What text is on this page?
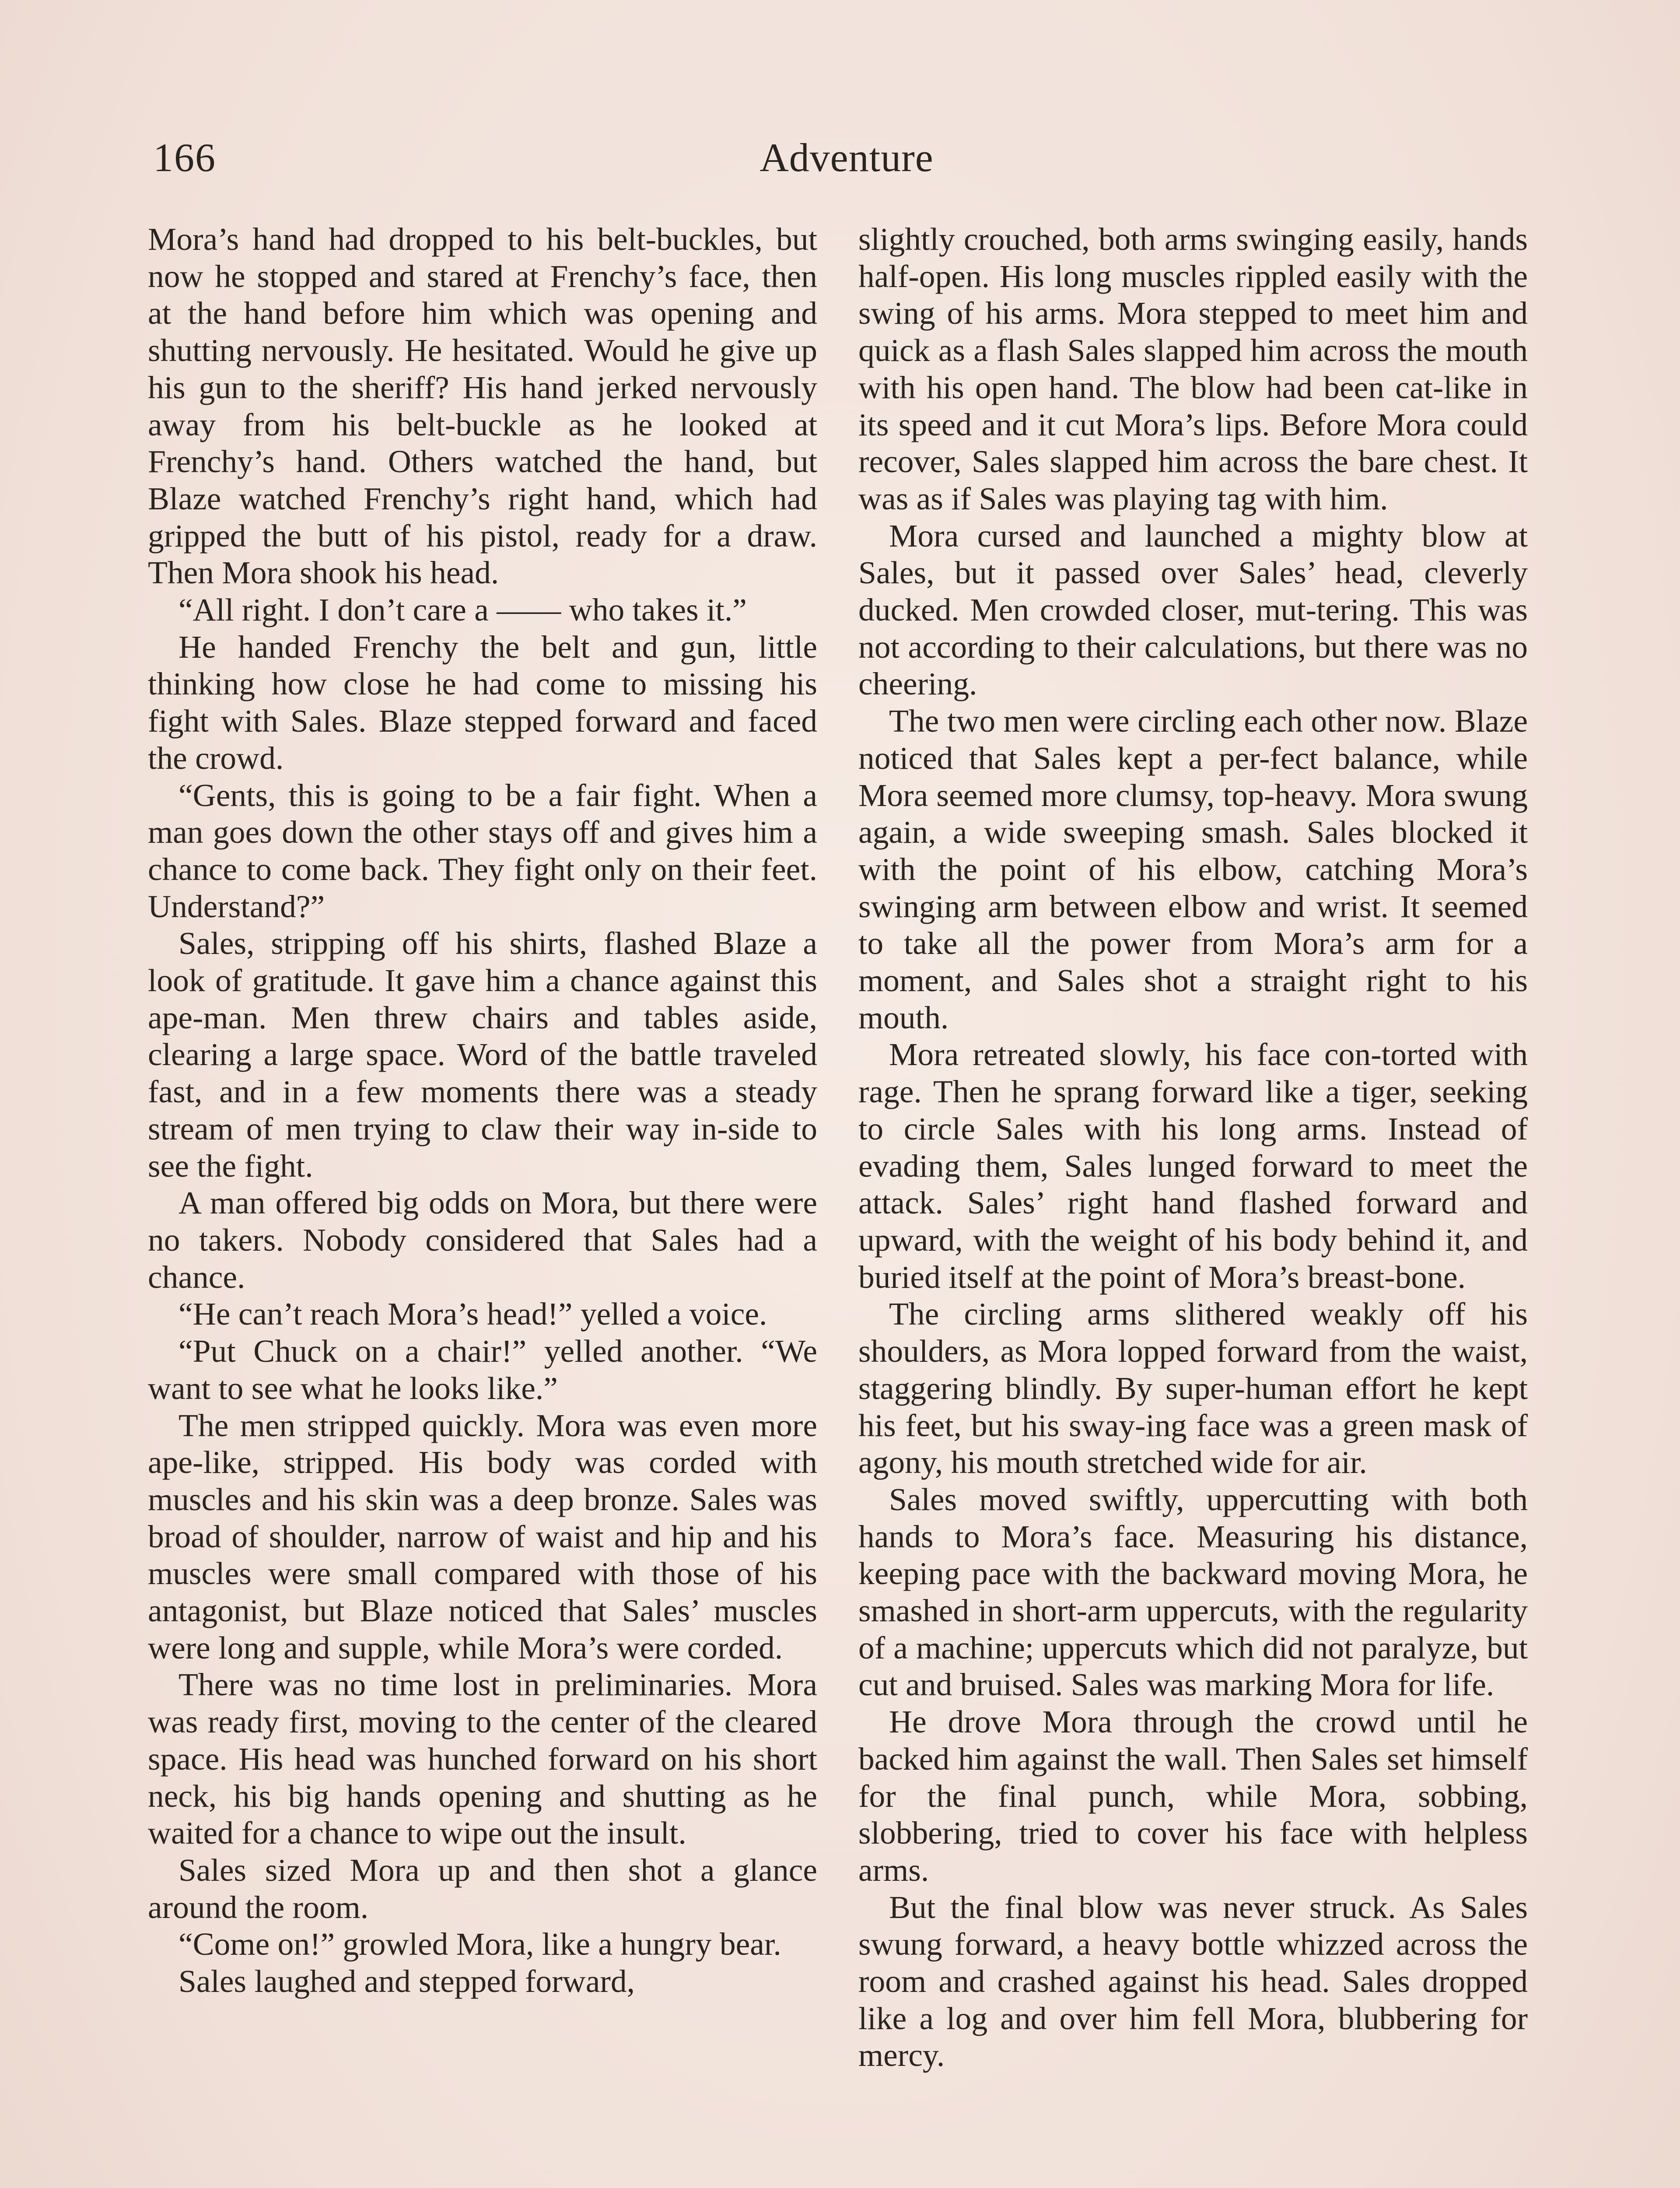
Adventure
166

Mora’s hand had dropped to his belt-buckles, but now he stopped and stared at Frenchy’s face, then at the hand before him which was opening and shutting nervously. He hesitated. Would he give up his gun to the sheriff? His hand jerked nervously away from his belt-buckle as he looked at Frenchy’s hand. Others watched the hand, but Blaze watched Frenchy’s right hand, which had gripped the butt of his pistol, ready for a draw. Then Mora shook his head.

“All right. I don’t care a —— who takes it.”

He handed Frenchy the belt and gun, little thinking how close he had come to missing his fight with Sales. Blaze stepped forward and faced the crowd.

“Gents, this is going to be a fair fight. When a man goes down the other stays off and gives him a chance to come back. They fight only on their feet. Understand?”

Sales, stripping off his shirts, flashed Blaze a look of gratitude. It gave him a chance against this ape-man. Men threw chairs and tables aside, clearing a large space. Word of the battle traveled fast, and in a few moments there was a steady stream of men trying to claw their way in-side to see the fight.

A man offered big odds on Mora, but there were no takers. Nobody considered that Sales had a chance.

“He can’t reach Mora’s head!” yelled a voice.

“Put Chuck on a chair!” yelled another. “We want to see what he looks like.”

The men stripped quickly. Mora was even more ape-like, stripped. His body was corded with muscles and his skin was a deep bronze. Sales was broad of shoulder, narrow of waist and hip and his muscles were small compared with those of his antagonist, but Blaze noticed that Sales’ muscles were long and supple, while Mora’s were corded.

There was no time lost in preliminaries. Mora was ready first, moving to the center of the cleared space. His head was hunched forward on his short neck, his big hands opening and shutting as he waited for a chance to wipe out the insult.

Sales sized Mora up and then shot a glance around the room.

“Come on!” growled Mora, like a hungry bear.

Sales laughed and stepped forward,

slightly crouched, both arms swinging easily, hands half-open. His long muscles rippled easily with the swing of his arms. Mora stepped to meet him and quick as a flash Sales slapped him across the mouth with his open hand. The blow had been cat-like in its speed and it cut Mora’s lips. Before Mora could recover, Sales slapped him across the bare chest. It was as if Sales was playing tag with him.

Mora cursed and launched a mighty blow at Sales, but it passed over Sales’ head, cleverly ducked. Men crowded closer, mut-tering. This was not according to their calculations, but there was no cheering.

The two men were circling each other now. Blaze noticed that Sales kept a per-fect balance, while Mora seemed more clumsy, top-heavy. Mora swung again, a wide sweeping smash. Sales blocked it with the point of his elbow, catching Mora’s swinging arm between elbow and wrist. It seemed to take all the power from Mora’s arm for a moment, and Sales shot a straight right to his mouth.

Mora retreated slowly, his face con-torted with rage. Then he sprang forward like a tiger, seeking to circle Sales with his long arms. Instead of evading them, Sales lunged forward to meet the attack. Sales’ right hand flashed forward and upward, with the weight of his body behind it, and buried itself at the point of Mora’s breast-bone.

The circling arms slithered weakly off his shoulders, as Mora lopped forward from the waist, staggering blindly. By super-human effort he kept his feet, but his sway-ing face was a green mask of agony, his mouth stretched wide for air.

Sales moved swiftly, uppercutting with both hands to Mora’s face. Measuring his distance, keeping pace with the backward moving Mora, he smashed in short-arm uppercuts, with the regularity of a machine; uppercuts which did not paralyze, but cut and bruised. Sales was marking Mora for life.

He drove Mora through the crowd until he backed him against the wall. Then Sales set himself for the final punch, while Mora, sobbing, slobbering, tried to cover his face with helpless arms.

But the final blow was never struck. As Sales swung forward, a heavy bottle whizzed across the room and crashed against his head. Sales dropped like a log and over him fell Mora, blubbering for mercy.
